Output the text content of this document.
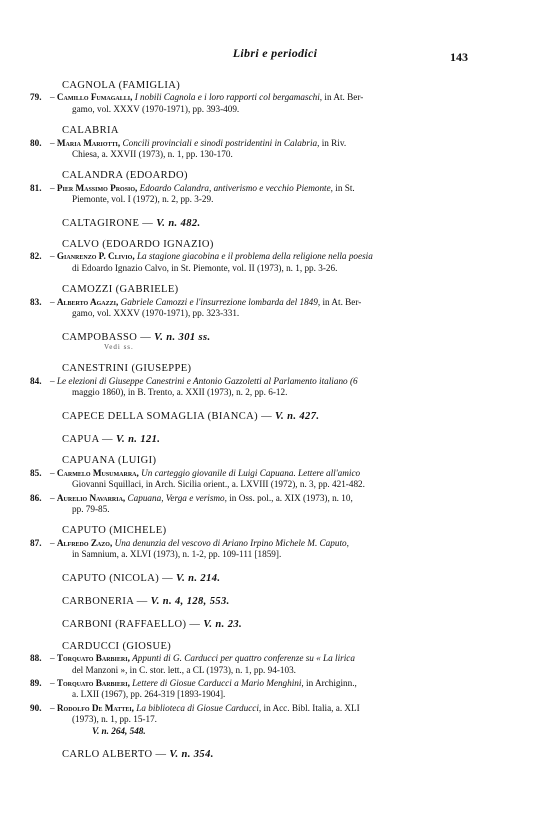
Libri e periodici	143
CAGNOLA (FAMIGLIA)
79. – Camillo Fumagalli, I nobili Cagnola e i loro rapporti col bergamaschi, in At. Ber-
gamo, vol. XXXV (1970-1971), pp. 393-409.
CALABRIA
80. – Maria Mariotti, Concili provinciali e sinodi postridentini in Calabria, in Riv.
Chiesa, a. XXVII (1973), n. 1, pp. 130-170.
CALANDRA (EDOARDO)
81. – Pier Massimo Prosio, Edoardo Calandra, antiverismo e vecchio Piemonte, in St.
Piemonte, vol. I (1972), n. 2, pp. 3-29.
CALTAGIRONE — V. n. 482.
CALVO (EDOARDO IGNAZIO)
82. – Gianrenzo P. Clivio, La stagione giacobina e il problema della religione nella poesia
di Edoardo Ignazio Calvo, in St. Piemonte, vol. II (1973), n. 1, pp. 3-26.
CAMOZZI (GABRIELE)
83. – Alberto Agazzi, Gabriele Camozzi e l'insurrezione lombarda del 1849, in At. Ber-
gamo, vol. XXXV (1970-1971), pp. 323-331.
CAMPOBASSO — V. n. 301 ss.
Vedi ss.
CANESTRINI (GIUSEPPE)
84. – Le elezioni di Giuseppe Canestrini e Antonio Gazzoletti al Parlamento italiano (6
maggio 1860), in B. Trento, a. XXII (1973), n. 2, pp. 6-12.
CAPECE DELLA SOMAGLIA (BIANCA) — V. n. 427.
CAPUA — V. n. 121.
CAPUANA (LUIGI)
85. – Carmelo Musumarra, Un carteggio giovanile di Luigi Capuana. Lettere all'amico
Giovanni Squillaci, in Arch. Sicilia orient., a. LXVIII (1972), n. 3, pp. 421-482.
86. – Aurelio Navarria, Capuana, Verga e verismo, in Oss. pol., a. XIX (1973), n. 10,
pp. 79-85.
CAPUTO (MICHELE)
87. – Alfredo Zazo, Una denunzia del vescovo di Ariano Irpino Michele M. Caputo,
in Samnium, a. XLVI (1973), n. 1-2, pp. 109-111 [1859].
CAPUTO (NICOLA) — V. n. 214.
CARBONERIA — V. n. 4, 128, 553.
CARBONI (RAFFAELLO) — V. n. 23.
CARDUCCI (GIOSUE)
88. – Torquato Barbieri, Appunti di G. Carducci per quattro conferenze su « La lirica
del Manzoni », in C. stor. lett., a CL (1973), n. 1, pp. 94-103.
89. – Torquato Barbieri, Lettere di Giosue Carducci a Mario Menghini, in Archiginn.,
a. LXII (1967), pp. 264-319 [1893-1904].
90. – Rodolfo De Mattei, La biblioteca di Giosue Carducci, in Acc. Bibl. Italia, a. XLI
(1973), n. 1, pp. 15-17.
V. n. 264, 548.
CARLO ALBERTO — V. n. 354.
